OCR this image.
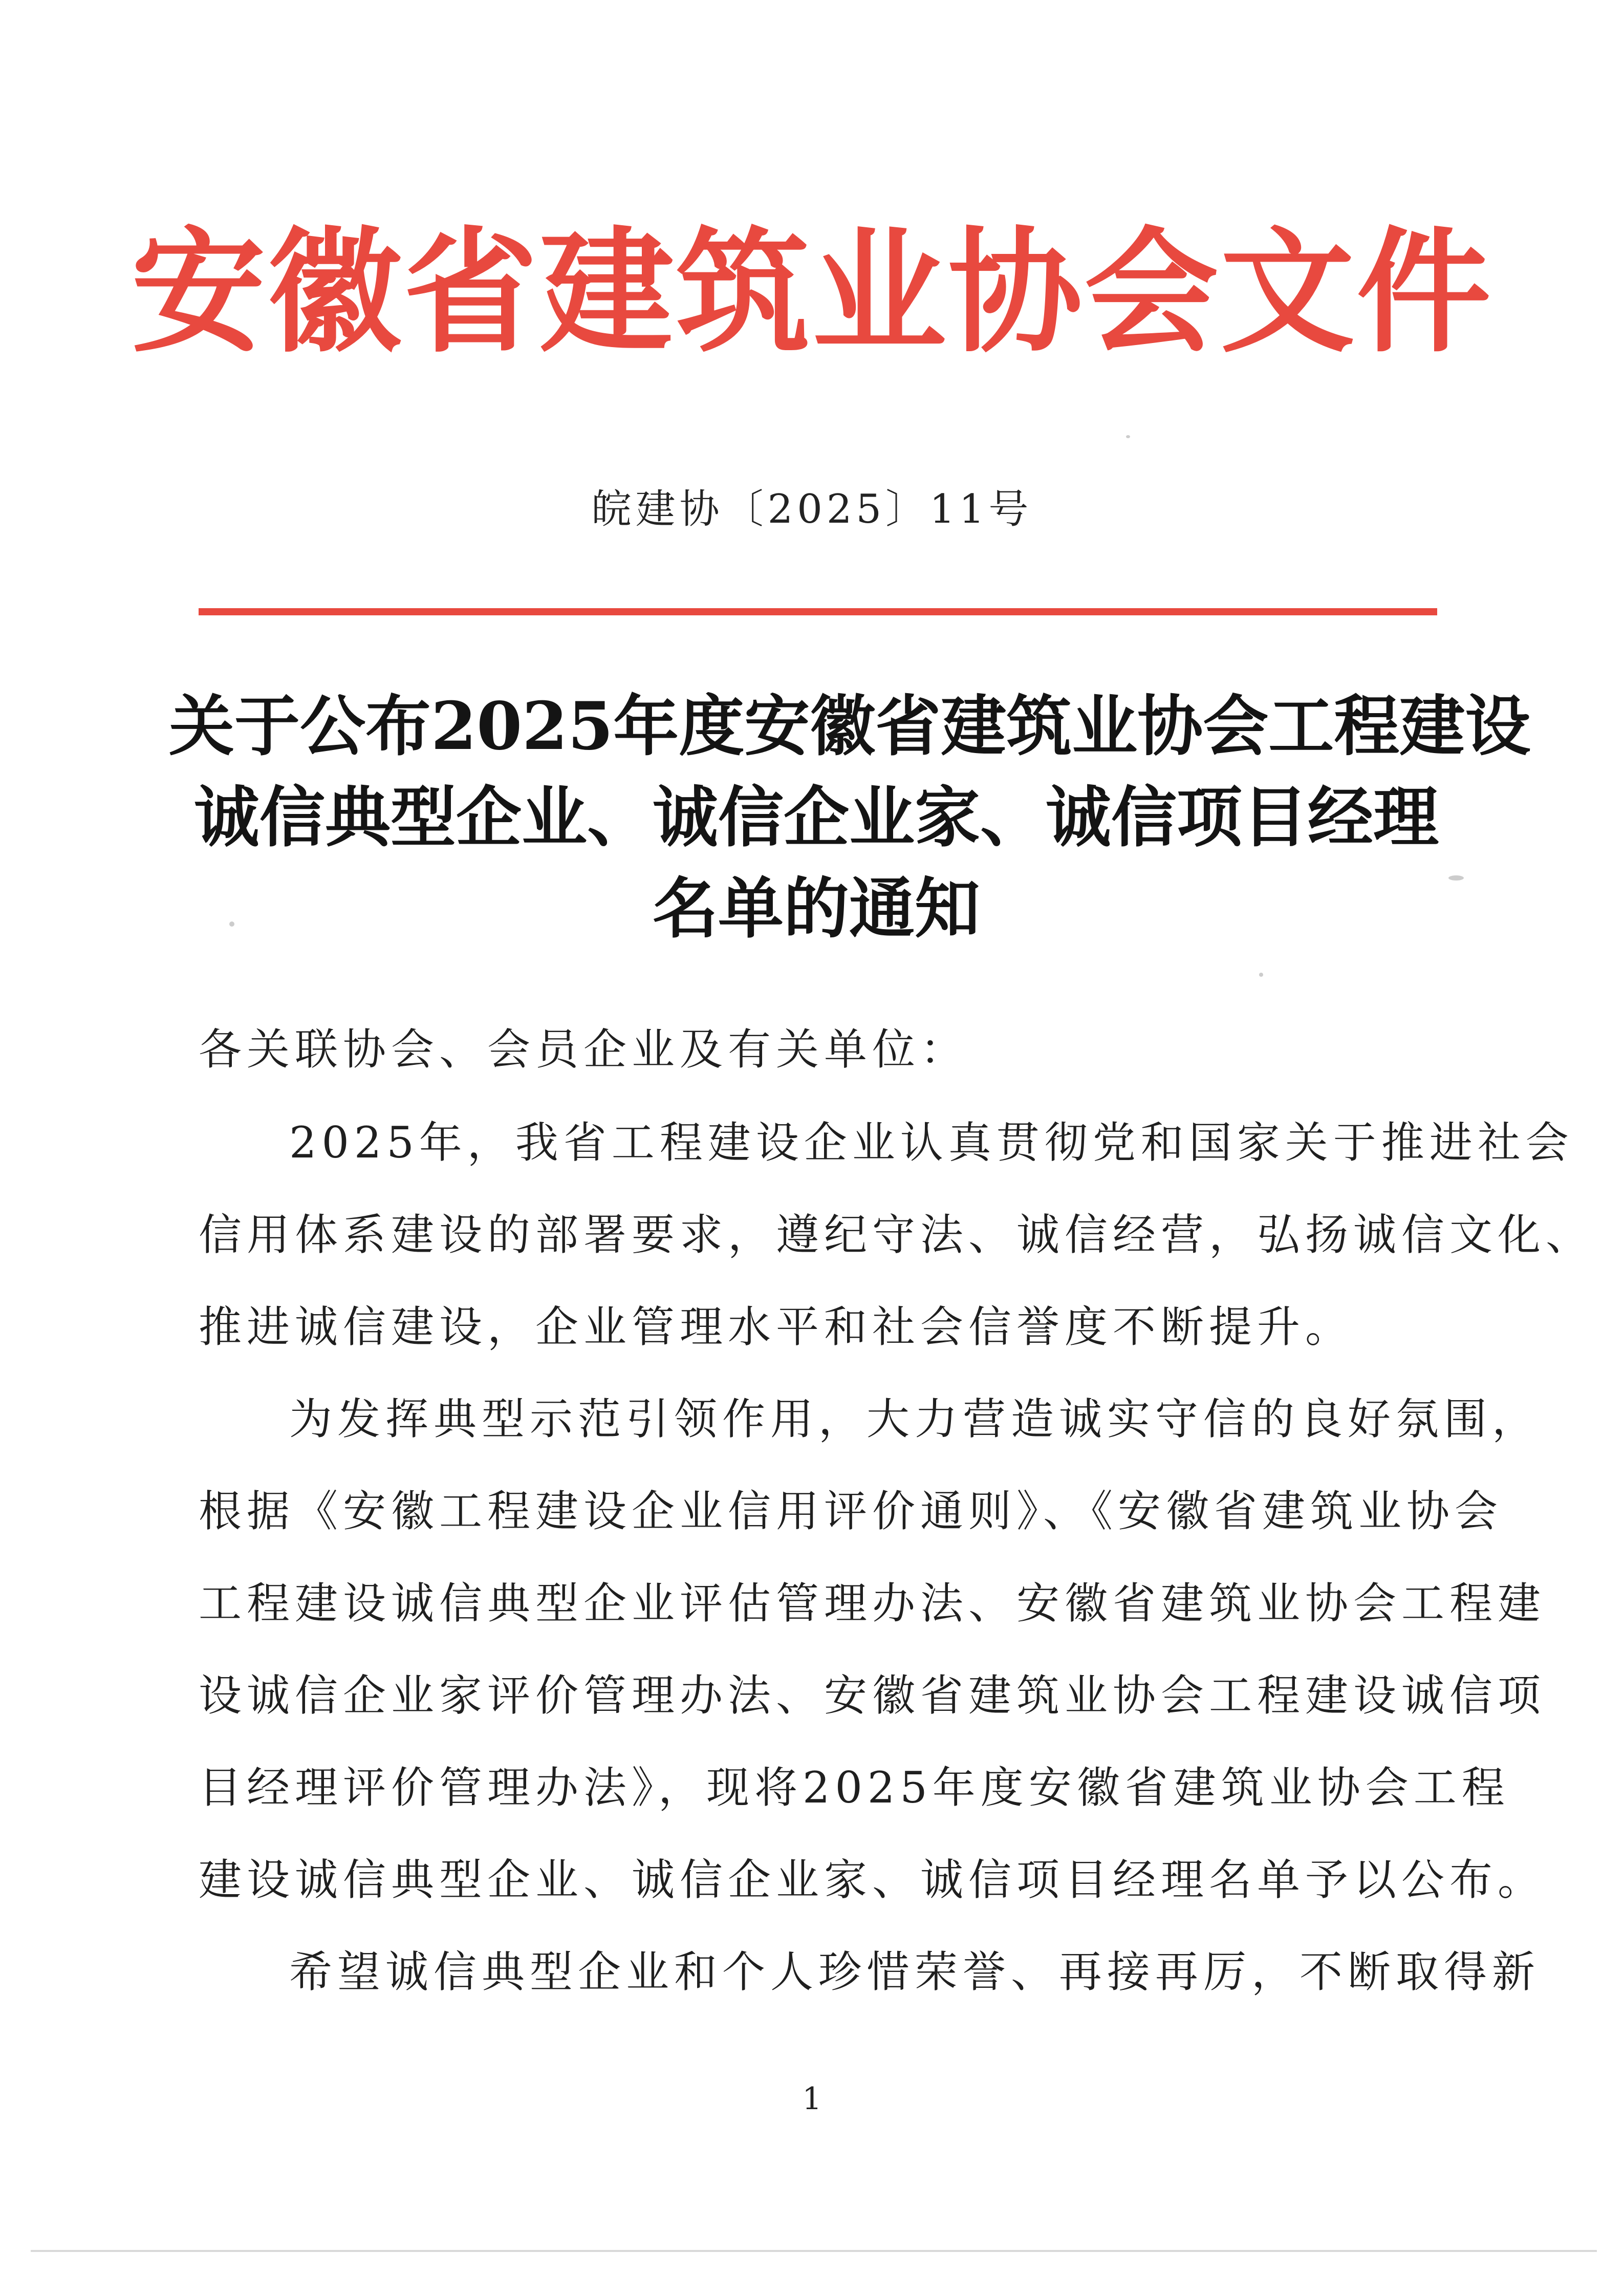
安徽省建筑业协会文件
皖建协〔2025〕11号
关于公布2025年度安徽省建筑业协会工程建设
诚信典型企业、诚信企业家、诚信项目经理
名单的通知
各关联协会、会员企业及有关单位：
2025年，我省工程建设企业认真贯彻党和国家关于推进社会
信用体系建设的部署要求，遵纪守法、诚信经营，弘扬诚信文化、
推进诚信建设，企业管理水平和社会信誉度不断提升。
为发挥典型示范引领作用，大力营造诚实守信的良好氛围，
根据《安徽工程建设企业信用评价通则》、《安徽省建筑业协会
工程建设诚信典型企业评估管理办法、安徽省建筑业协会工程建
设诚信企业家评价管理办法、安徽省建筑业协会工程建设诚信项
目经理评价管理办法》，现将2025年度安徽省建筑业协会工程
建设诚信典型企业、诚信企业家、诚信项目经理名单予以公布。
希望诚信典型企业和个人珍惜荣誉、再接再厉，不断取得新
1
